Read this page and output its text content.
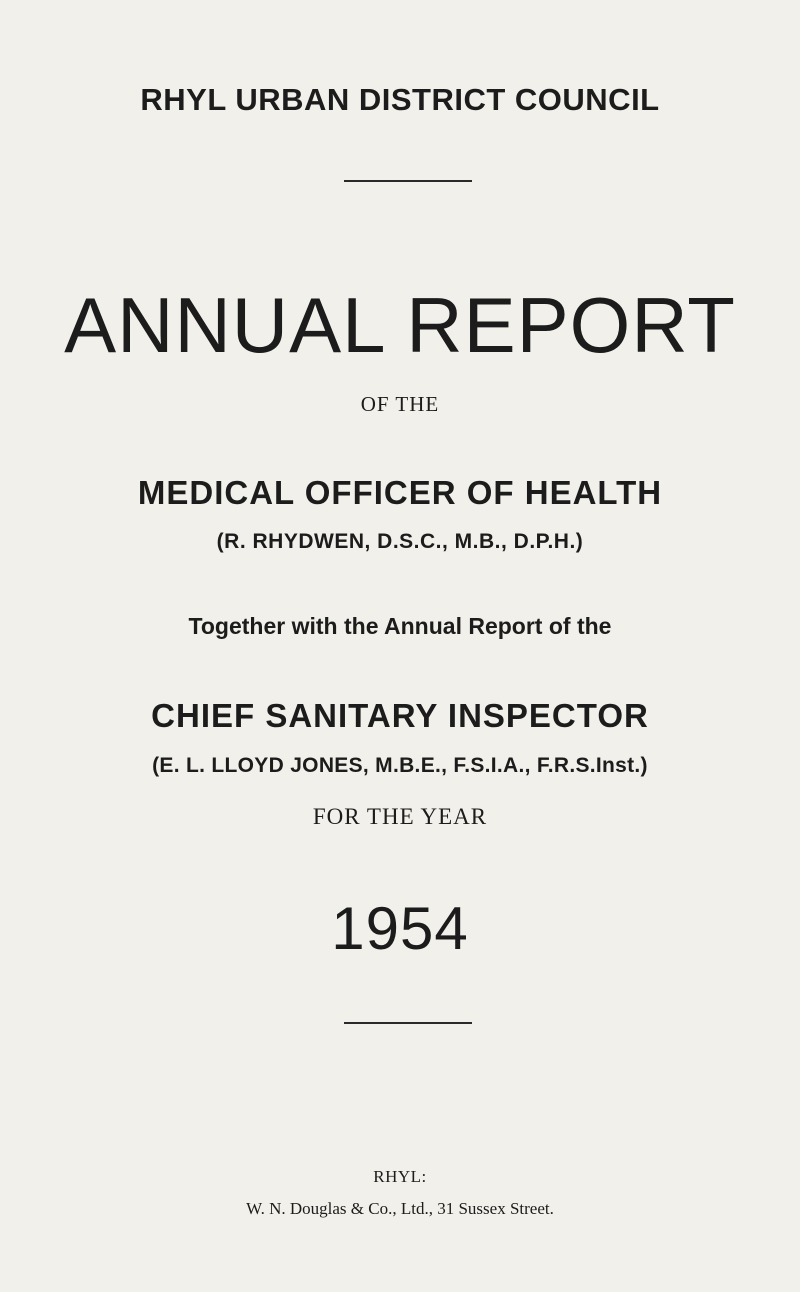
RHYL URBAN DISTRICT COUNCIL
ANNUAL REPORT
OF THE
MEDICAL OFFICER OF HEALTH
(R. RHYDWEN, D.S.C., M.B., D.P.H.)
Together with the Annual Report of the
CHIEF SANITARY INSPECTOR
(E. L. LLOYD JONES, M.B.E., F.S.I.A., F.R.S.Inst.)
FOR THE YEAR
1954
RHYL:
W. N. Douglas & Co., Ltd., 31 Sussex Street.
